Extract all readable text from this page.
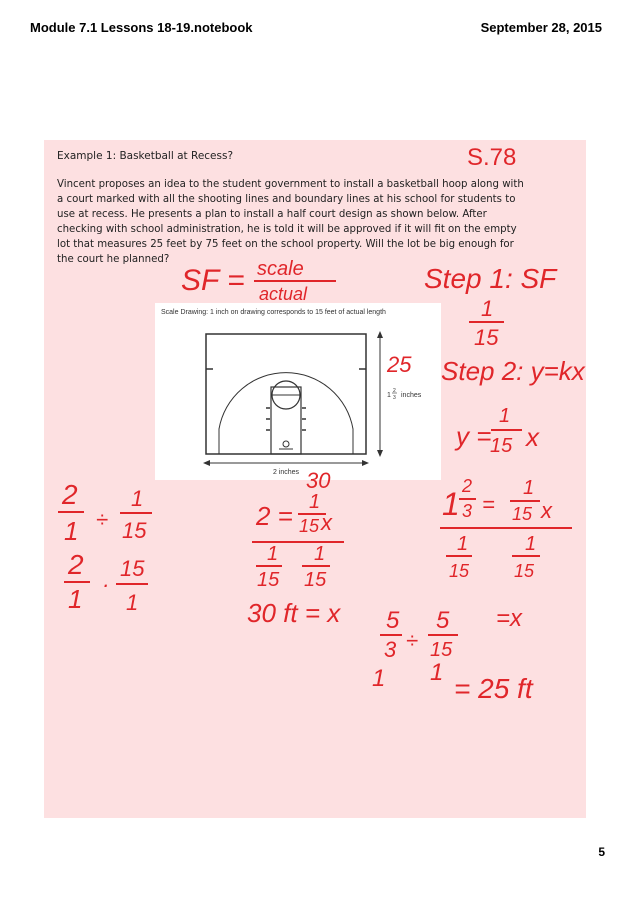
Module 7.1 Lessons 18-19.notebook	September 28, 2015
Example 1: Basketball at Recess?	S.78
Vincent proposes an idea to the student government to install a basketball hoop along with a court marked with all the shooting lines and boundary lines at his school for students to use at recess. He presents a plan to install a half court design as shown below. After checking with school administration, he is told it will be approved if it will fit on the empty lot that measures 25 feet by 75 feet on the school property. Will the lot be big enough for the court he planned?
2 inches
1
2
3 inches
Scale Drawing: 1 inch on drawing corresponds to 15 feet of actual length
SF = scale
actual	Step 1: SF
1
15
Step 2: y=kx
y =
1
15 x
25
30
2
1 ÷
1
15
2
1 ·
15
1
2 = 1
15 x
1
15
1
15
30 ft = x
1 2
3 =
1
15 x
1
15
1
15
5
3 ÷
5
15
=x
1 1
= 25 ft
5
